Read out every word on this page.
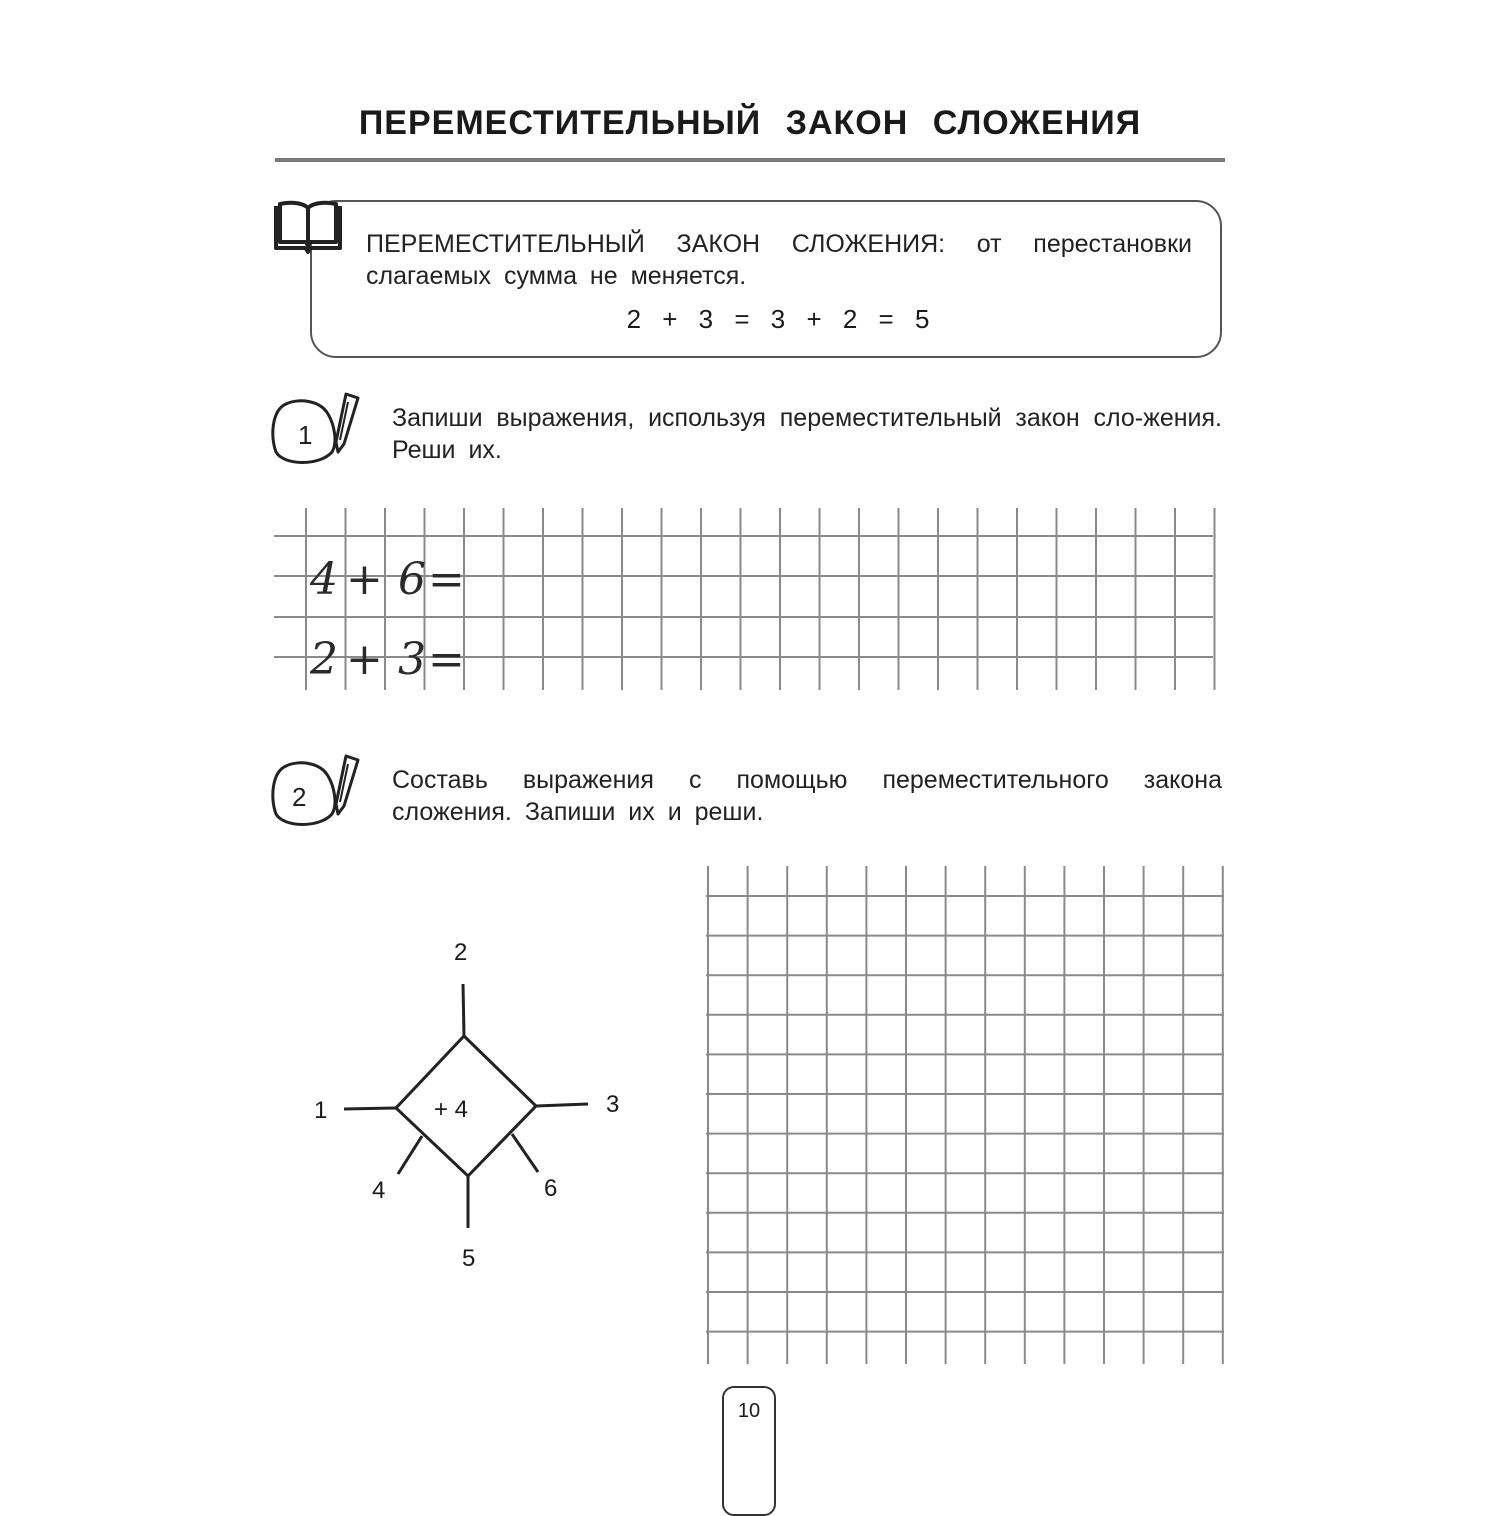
ПЕРЕМЕСТИТЕЛЬНЫЙ ЗАКОН СЛОЖЕНИЯ
ПЕРЕМЕСТИТЕЛЬНЫЙ ЗАКОН СЛОЖЕНИЯ: от перестановки слагаемых сумма не меняется.
2 + 3 = 3 + 2 = 5
1
Запиши выражения, используя переместительный закон сло-жения. Реши их.
4 + 6 =
2 + 3 =
2
Составь выражения с помощью переместительного закона сложения. Запиши их и реши.
+ 4
2
1	3
4
5
6
10
